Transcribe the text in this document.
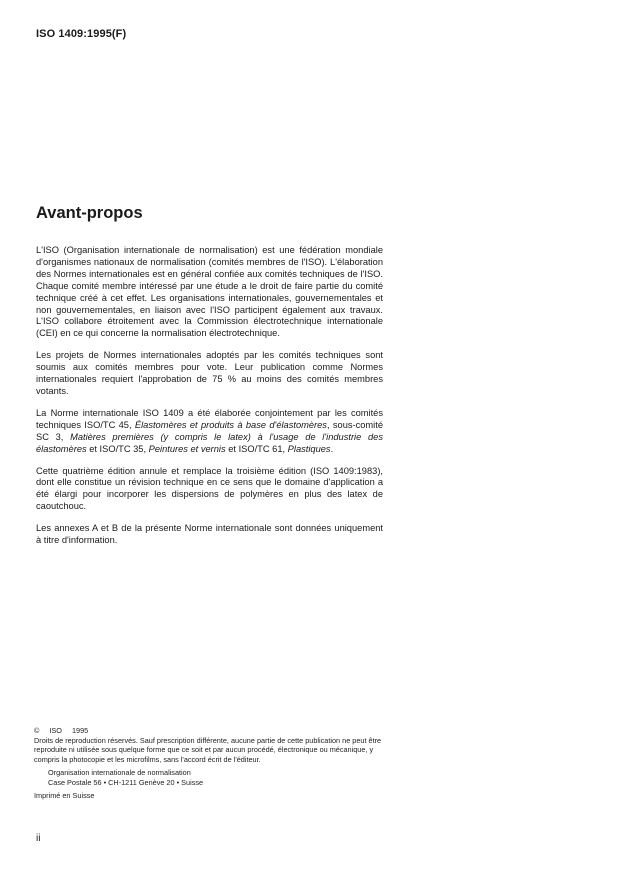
ISO 1409:1995(F)
Avant-propos

L'ISO (Organisation internationale de normalisation) est une fédération mondiale d'organismes nationaux de normalisation (comités membres de l'ISO). L'élaboration des Normes internationales est en général confiée aux comités techniques de l'ISO. Chaque comité membre intéressé par une étude a le droit de faire partie du comité technique créé à cet effet. Les organisations internationales, gouvernementales et non gouvernementales, en liaison avec l'ISO participent également aux travaux. L'ISO collabore étroitement avec la Commission électrotechnique internationale (CEI) en ce qui concerne la normalisation électrotechnique.

Les projets de Normes internationales adoptés par les comités techniques sont soumis aux comités membres pour vote. Leur publication comme Normes internationales requiert l'approbation de 75 % au moins des comités membres votants.

La Norme internationale ISO 1409 a été élaborée conjointement par les comités techniques ISO/TC 45, Élastomères et produits à base d'élastomères, sous-comité SC 3, Matières premières (y compris le latex) à l'usage de l'industrie des élastomères et ISO/TC 35, Peintures et vernis et ISO/TC 61, Plastiques.

Cette quatrième édition annule et remplace la troisième édition (ISO 1409:1983), dont elle constitue un révision technique en ce sens que le domaine d'application a été élargi pour incorporer les dispersions de polymères en plus des latex de caoutchouc.

Les annexes A et B de la présente Norme internationale sont données uniquement à titre d'information.

© ISO 1995

Droits de reproduction réservés. Sauf prescription différente, aucune partie de cette publication ne peut être reproduite ni utilisée sous quelque forme que ce soit et par aucun procédé, électronique ou mécanique, y compris la photocopie et les microfilms, sans l'accord écrit de l'éditeur.

Organisation internationale de normalisation

Case Postale 56 • CH-1211 Genève 20 • Suisse

Imprimé en Suisse

ii
